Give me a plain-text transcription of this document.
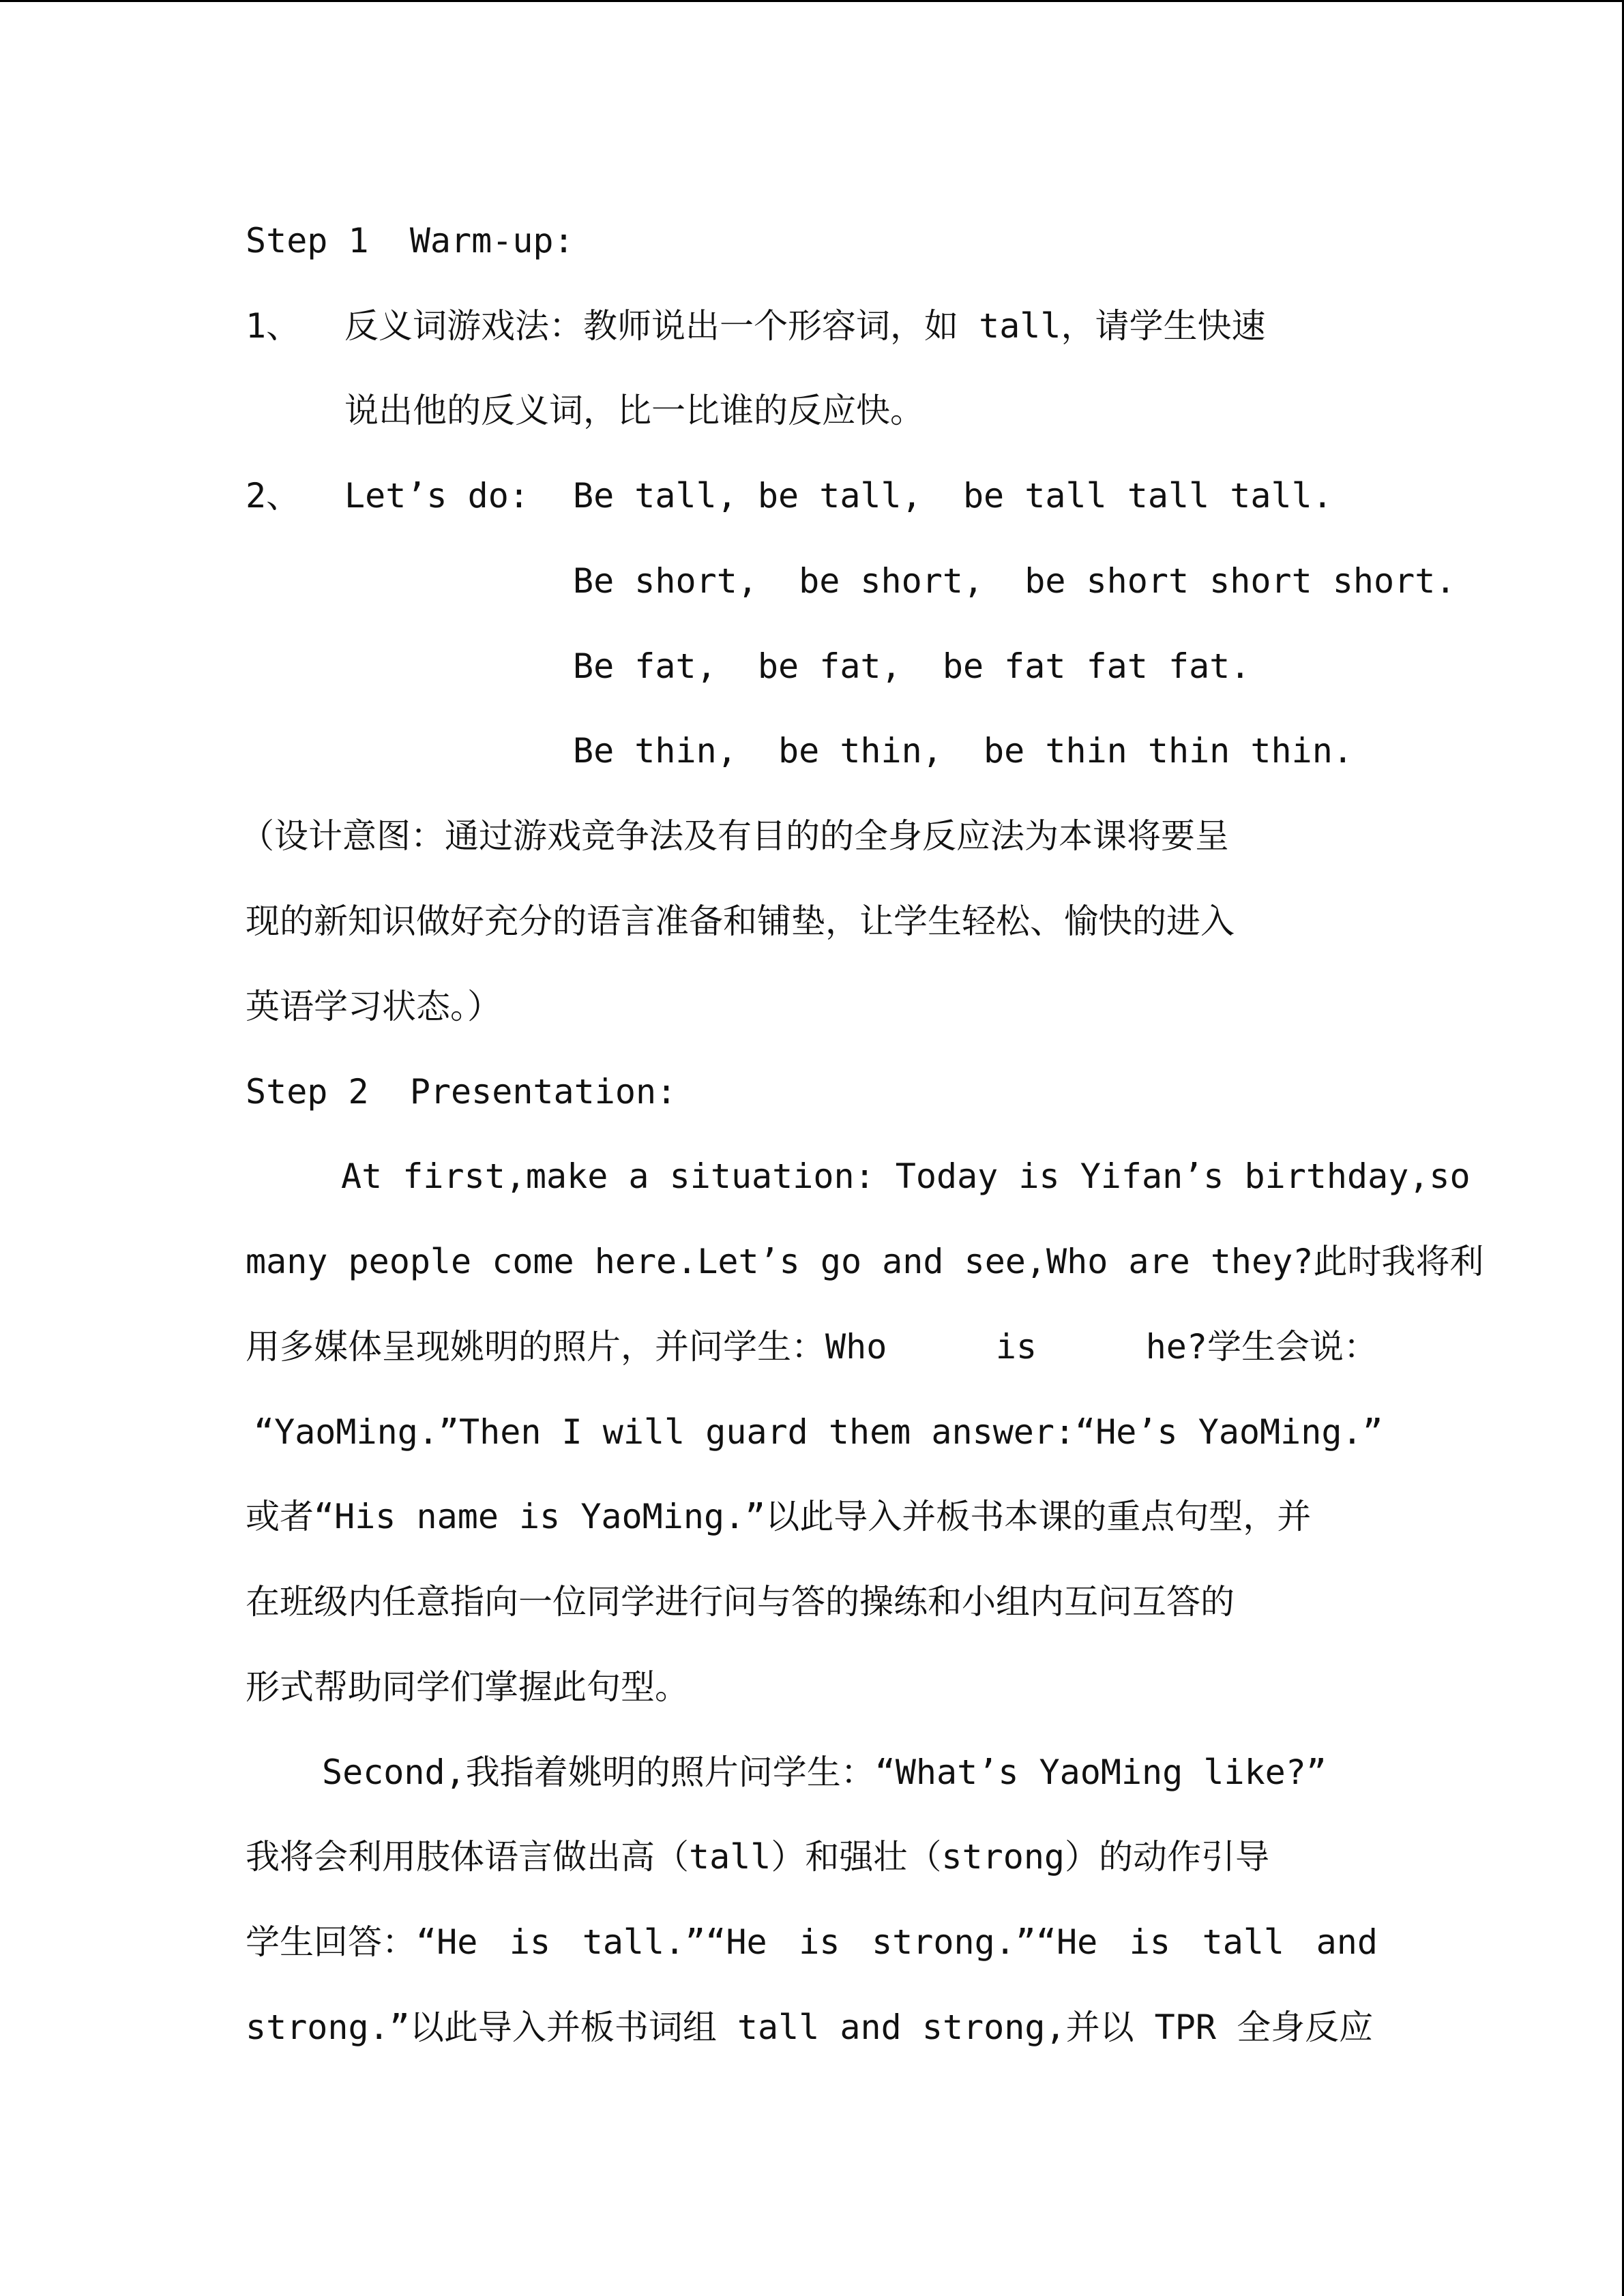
Step 1  Warm-up:
1、 反义词游戏法：教师说出一个形容词，如 tall，请学生快速
说出他的反义词，比一比谁的反应快。
2、 Let’s do: Be tall, be tall,  be tall tall tall.
Be short,  be short,  be short short short.
Be fat,  be fat,  be fat fat fat.
Be thin,  be thin,  be thin thin thin.
（设计意图：通过游戏竞争法及有目的的全身反应法为本课将要呈
现的新知识做好充分的语言准备和铺垫，让学生轻松、愉快的进入
英语学习状态。）
Step 2  Presentation:
At first,make a situation: Today is Yifan’s birthday,so
many people come here.Let’s go and see,Who are they?此时我将利
用多媒体呈现姚明的照片，并问学生：Who	is	he?学生会说：
“YaoMing.”Then I will guard them answer:“He’s YaoMing.”
或者“His name is YaoMing.”以此导入并板书本课的重点句型，并
在班级内任意指向一位同学进行问与答的操练和小组内互问互答的
形式帮助同学们掌握此句型。
Second,我指着姚明的照片问学生：“What’s YaoMing like?”
我将会利用肢体语言做出高（tall）和强壮（strong）的动作引导
学生回答：“He is tall.”“He is strong.”“He is tall and
strong.”以此导入并板书词组 tall and strong,并以 TPR 全身反应
